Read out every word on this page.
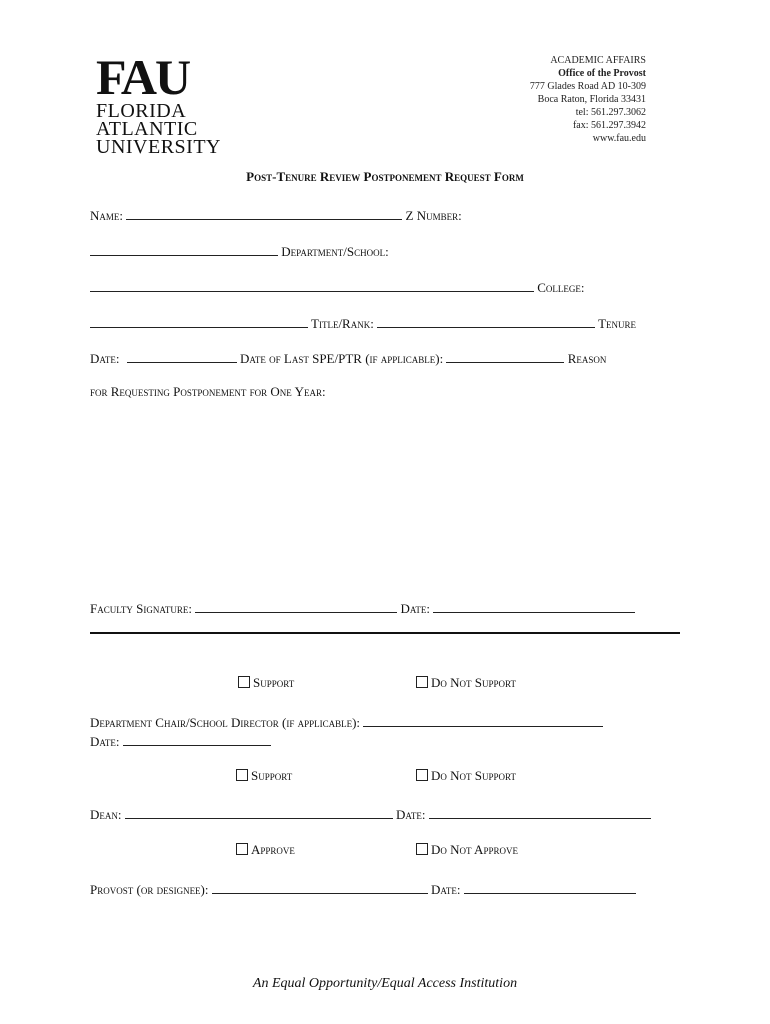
FAU
FLORIDA
ATLANTIC
UNIVERSITY
ACADEMIC AFFAIRS
Office of the Provost
777 Glades Road AD 10-309
Boca Raton, Florida 33431
tel: 561.297.3062
fax: 561.297.3942
www.fau.edu
Post-Tenure Review Postponement Request Form
Name:	Z Number:
Department/School:
College:
Title/Rank:	Tenure
Date:	Date of Last SPE/PTR (if applicable):	Reason
for Requesting Postponement for One Year:
Faculty Signature:	Date:
Support	Do Not Support
Department Chair/School Director (if applicable):
Date:
Support	Do Not Support
Dean:	Date:
Approve	Do Not Approve
Provost (or designee):	Date:
An Equal Opportunity/Equal Access Institution
